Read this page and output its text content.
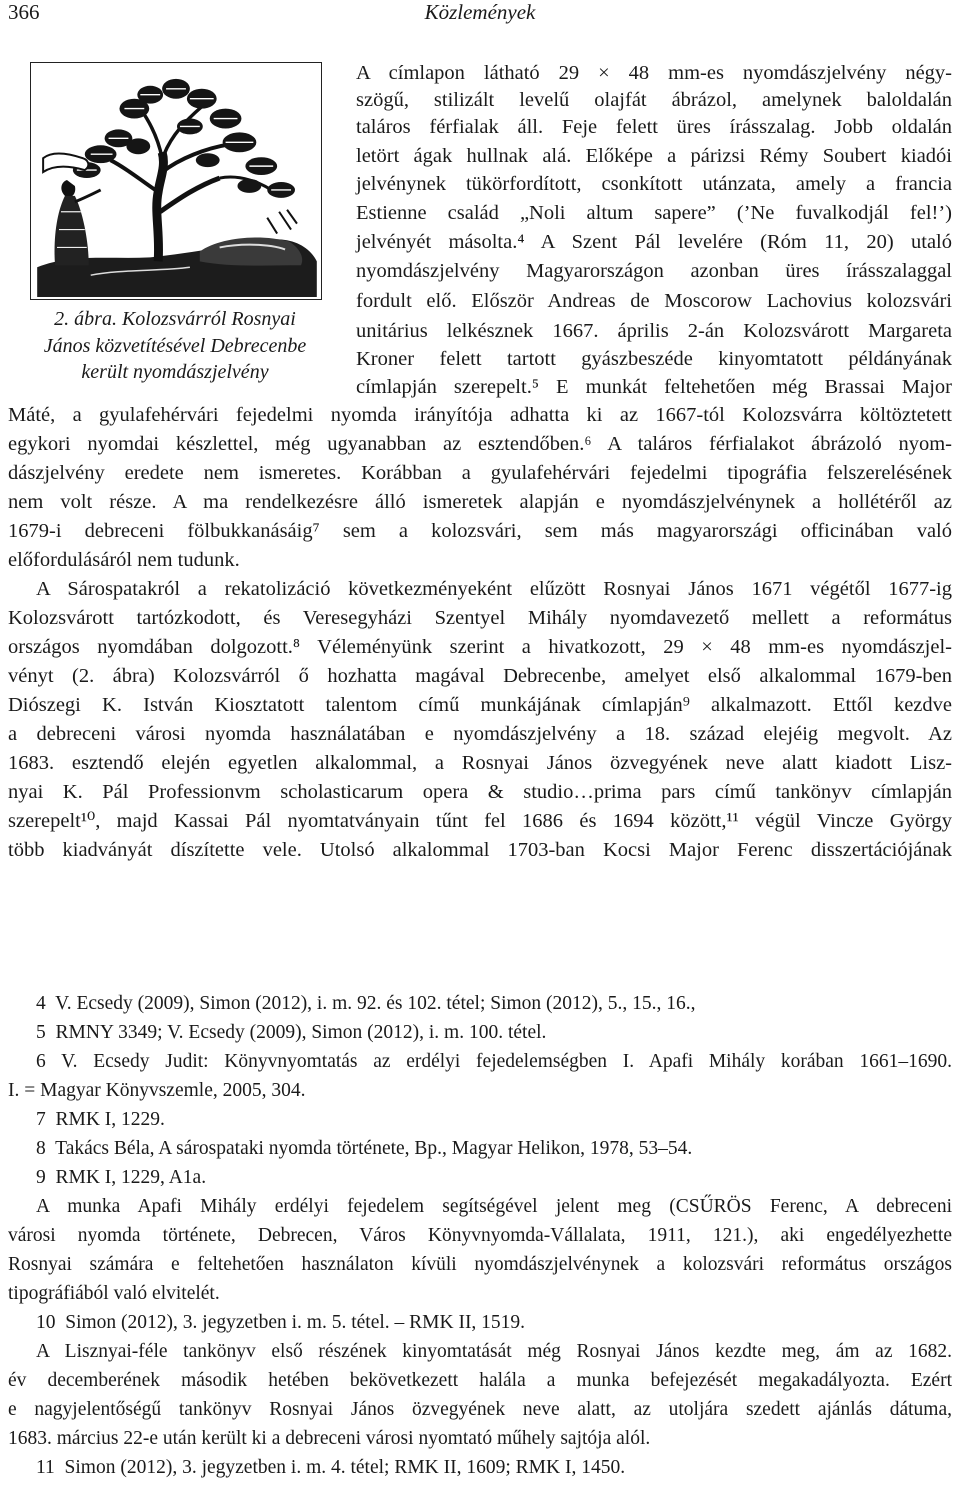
366	Közlemények
2. ábra. Kolozsvárról Rosnyai
János közvetítésével Debrecenbe
került nyomdászjelvény
A címlapon látható 29 × 48 mm-es nyomdászjelvény négy-
szögű, stilizált levelű olajfát ábrázol, amelynek baloldalán
taláros férfialak áll. Feje felett üres írásszalag. Jobb oldalán
letört ágak hullnak alá. Előképe a párizsi Rémy Soubert kiadói
jelvénynek tükörfordított, csonkított utánzata, amely a francia
Estienne család „Noli altum sapere” (’Ne fuvalkodjál fel!’)
jelvényét másolta.⁴ A Szent Pál levelére (Róm 11, 20) utaló
nyomdászjelvény Magyarországon azonban üres írásszalaggal
fordult elő. Először Andreas de Moscorow Lachovius kolozsvári
unitárius lelkésznek 1667. április 2-án Kolozsvárott Margareta
Kroner felett tartott gyászbeszéde kinyomtatott példányának
címlapján szerepelt.⁵ E munkát feltehetően még Brassai Major
Máté, a gyulafehérvári fejedelmi nyomda irányítója adhatta ki az 1667-tól Kolozsvárra költöztetett
egykori nyomdai készlettel, még ugyanabban az esztendőben.⁶ A taláros férfialakot ábrázoló nyom-
dászjelvény eredete nem ismeretes. Korábban a gyulafehérvári fejedelmi tipográfia felszerelésének
nem volt része. A ma rendelkezésre álló ismeretek alapján e nyomdászjelvénynek a hollétéről az
1679-i debreceni fölbukkanásáig⁷ sem a kolozsvári, sem más magyarországi officinában való
előfordulásáról nem tudunk.
A Sárospatakról a rekatolizáció következményeként elűzött Rosnyai János 1671 végétől 1677-ig
Kolozsvárott tartózkodott, és Veresegyházi Szentyel Mihály nyomdavezető mellett a református
országos nyomdában dolgozott.⁸ Véleményünk szerint a hivatkozott, 29 × 48 mm-es nyomdászjel-
vényt (2. ábra) Kolozsvárról ő hozhatta magával Debrecenbe, amelyet első alkalommal 1679-ben
Diószegi K. István Kiosztatott talentom című munkájának címlapján⁹ alkalmazott. Ettől kezdve
a debreceni városi nyomda használatában e nyomdászjelvény a 18. század elejéig megvolt. Az
1683. esztendő elején egyetlen alkalommal, a Rosnyai János özvegyének neve alatt kiadott Lisz-
nyai K. Pál Professionvm scholasticarum opera & studio…prima pars című tankönyv címlapján
szerepelt¹⁰, majd Kassai Pál nyomtatványain tűnt fel 1686 és 1694 között,¹¹ végül Vincze György
több kiadványát díszítette vele. Utolsó alkalommal 1703-ban Kocsi Major Ferenc disszertációjának
4  V. Ecsedy (2009), Simon (2012), i. m. 92. és 102. tétel; Simon (2012), 5., 15., 16.,
5  RMNY 3349; V. Ecsedy (2009), Simon (2012), i. m. 100. tétel.
6 V. Ecsedy Judit: Könyvnyomtatás az erdélyi fejedelemségben I. Apafi Mihály korában 1661–1690.
I. = Magyar Könyvszemle, 2005, 304.
7  RMK I, 1229.
8  Takács Béla, A sárospataki nyomda története, Bp., Magyar Helikon, 1978, 53–54.
9  RMK I, 1229, A1a.
A munka Apafi Mihály erdélyi fejedelem segítségével jelent meg (CSŰRÖS Ferenc, A debreceni
városi nyomda története, Debrecen, Város Könyvnyomda-Vállalata, 1911, 121.), aki engedélyezhette
Rosnyai számára e feltehetően használaton kívüli nyomdászjelvénynek a kolozsvári református országos
tipográfiából való elvitelét.
10  Simon (2012), 3. jegyzetben i. m. 5. tétel. – RMK II, 1519.
A Lisznyai-féle tankönyv első részének kinyomtatását még Rosnyai János kezdte meg, ám az 1682.
év decemberének második hetében bekövetkezett halála a munka befejezését megakadályozta. Ezért
e nagyjelentőségű tankönyv Rosnyai János özvegyének neve alatt, az utoljára szedett ajánlás dátuma,
1683. március 22-e után került ki a debreceni városi nyomtató műhely sajtója alól.
11  Simon (2012), 3. jegyzetben i. m. 4. tétel; RMK II, 1609; RMK I, 1450.
